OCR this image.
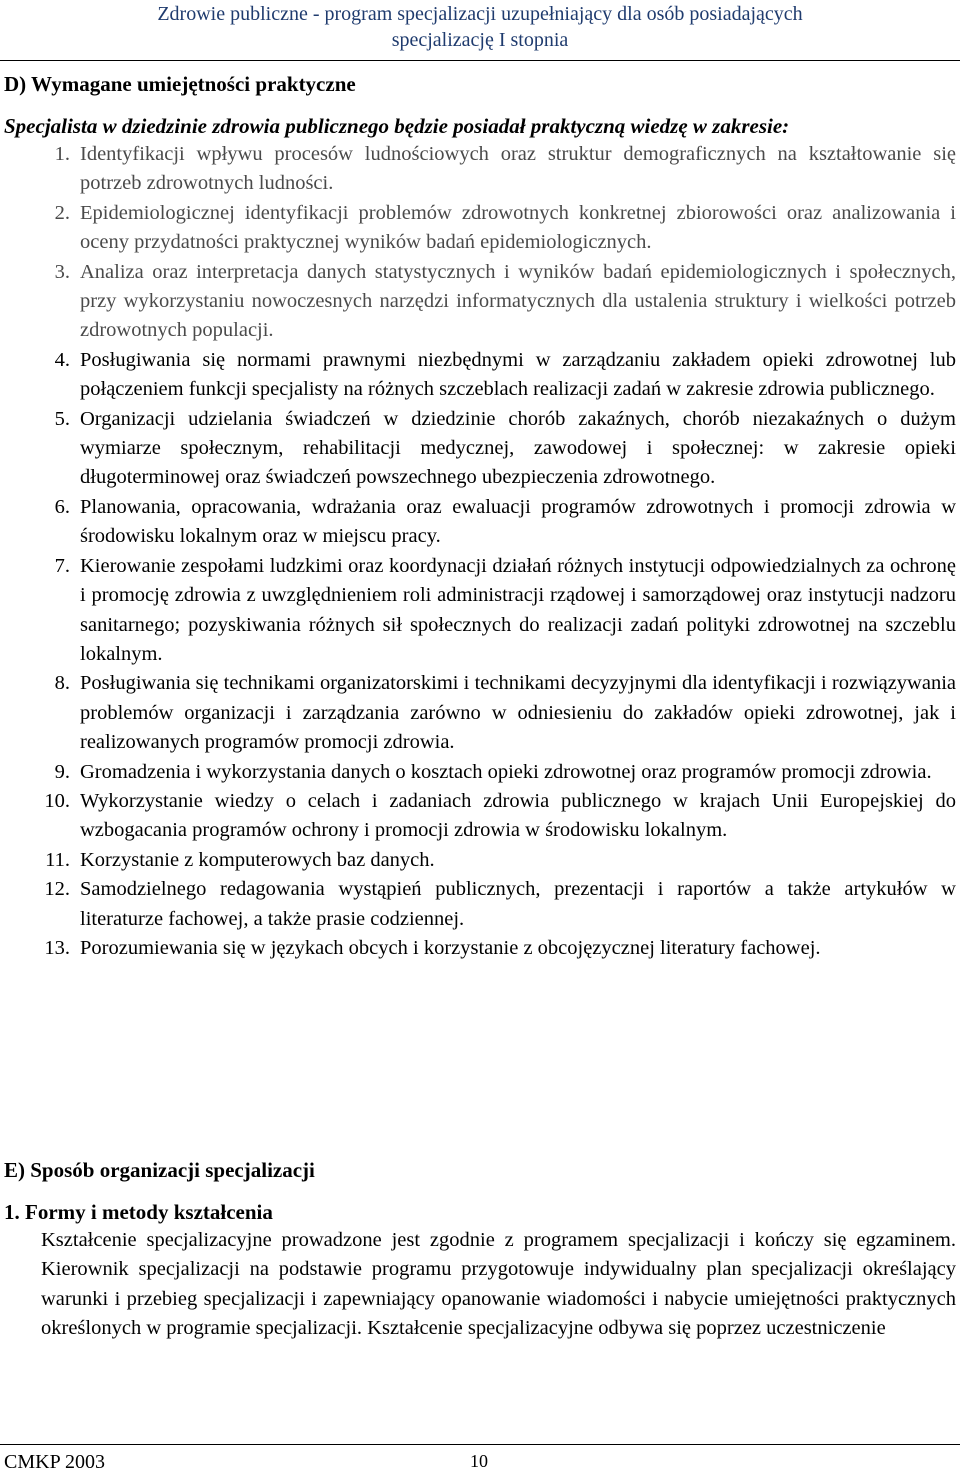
Zdrowie publiczne - program specjalizacji uzupełniający dla osób posiadających
specjalizację I stopnia
D) Wymagane umiejętności praktyczne
Specjalista w dziedzinie zdrowia publicznego będzie posiadał praktyczną wiedzę w zakresie:
1. Identyfikacji wpływu procesów ludnościowych oraz struktur demograficznych na kształtowanie się potrzeb zdrowotnych ludności.
2. Epidemiologicznej identyfikacji problemów zdrowotnych konkretnej zbiorowości oraz analizowania i oceny przydatności praktycznej wyników badań epidemiologicznych.
3. Analiza oraz interpretacja danych statystycznych i wyników badań epidemiologicznych i społecznych, przy wykorzystaniu nowoczesnych narzędzi informatycznych dla ustalenia struktury i wielkości potrzeb zdrowotnych populacji.
4. Posługiwania się normami prawnymi niezbędnymi w zarządzaniu zakładem opieki zdrowotnej lub połączeniem funkcji specjalisty na różnych szczeblach realizacji zadań w zakresie zdrowia publicznego.
5. Organizacji udzielania świadczeń w dziedzinie chorób zakaźnych, chorób niezakaźnych o dużym wymiarze społecznym, rehabilitacji medycznej, zawodowej i społecznej: w zakresie opieki długoterminowej oraz świadczeń powszechnego ubezpieczenia zdrowotnego.
6. Planowania, opracowania, wdrażania oraz ewaluacji programów zdrowotnych i promocji zdrowia w środowisku lokalnym oraz w miejscu pracy.
7. Kierowanie zespołami ludzkimi oraz koordynacji działań różnych instytucji odpowiedzialnych za ochronę i promocję zdrowia z uwzględnieniem roli administracji rządowej i samorządowej oraz instytucji nadzoru sanitarnego; pozyskiwania różnych sił społecznych do realizacji zadań polityki zdrowotnej na szczeblu lokalnym.
8. Posługiwania się technikami organizatorskimi i technikami decyzyjnymi dla identyfikacji i rozwiązywania problemów organizacji i zarządzania zarówno w odniesieniu do zakładów opieki zdrowotnej, jak i realizowanych programów promocji zdrowia.
9. Gromadzenia i wykorzystania danych o kosztach opieki zdrowotnej oraz programów promocji zdrowia.
10. Wykorzystanie wiedzy o celach i zadaniach zdrowia publicznego w krajach Unii Europejskiej do wzbogacania programów ochrony i promocji zdrowia w środowisku lokalnym.
11. Korzystanie z komputerowych baz danych.
12. Samodzielnego redagowania wystąpień publicznych, prezentacji i raportów a także artykułów w literaturze fachowej, a także prasie codziennej.
13. Porozumiewania się w językach obcych i korzystanie z obcojęzycznej literatury fachowej.
E) Sposób organizacji specjalizacji
1. Formy i metody kształcenia
Kształcenie specjalizacyjne prowadzone jest zgodnie z programem specjalizacji i kończy się egzaminem. Kierownik specjalizacji na podstawie programu przygotowuje indywidualny plan specjalizacji określający warunki i przebieg specjalizacji i zapewniający opanowanie wiadomości i nabycie umiejętności praktycznych określonych w programie specjalizacji. Kształcenie specjalizacyjne odbywa się poprzez uczestniczenie
CMKP 2003	10
